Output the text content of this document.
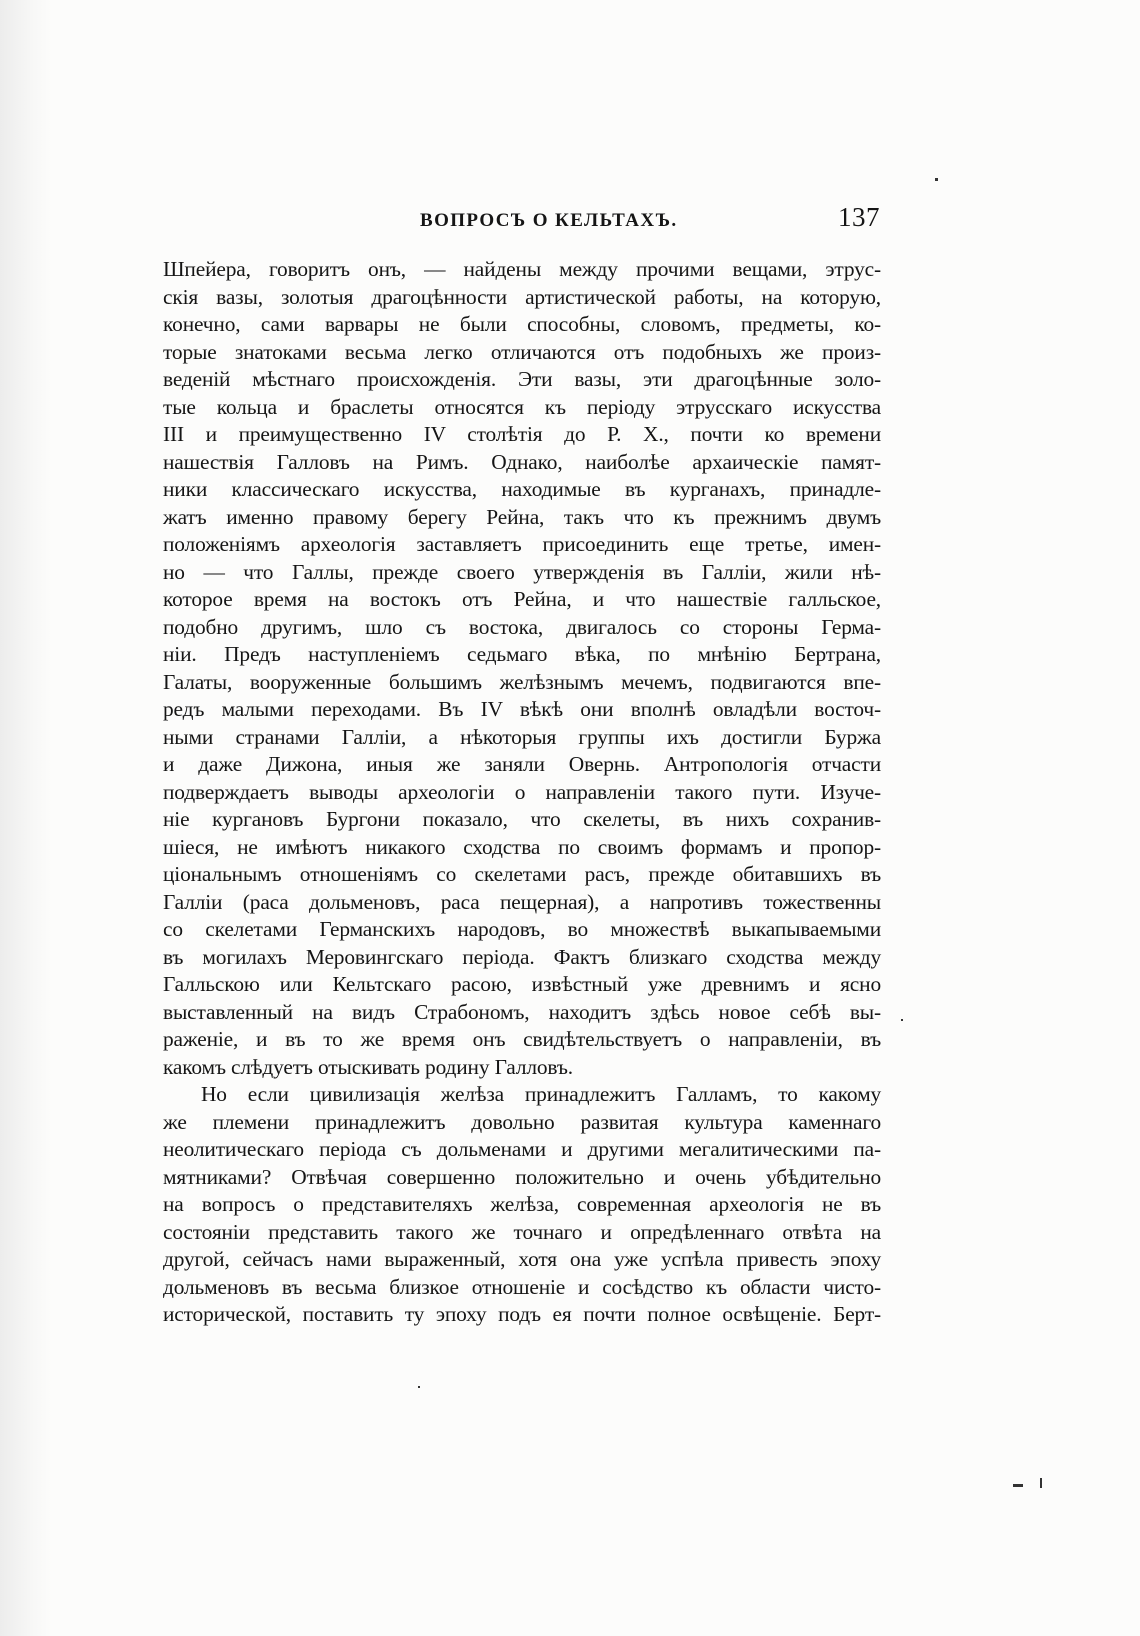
ВОПРОСЪ О КЕЛЬТАХЪ.	137
Шпейера, говоритъ онъ, — найдены между прочими вещами, этрус-
скія вазы, золотыя драгоцѣнности артистической работы, на которую,
конечно, сами варвары не были способны, словомъ, предметы, ко-
торые знатоками весьма легко отличаются отъ подобныхъ же произ-
веденій мѣстнаго происхожденія. Эти вазы, эти драгоцѣнные золо-
тые кольца и браслеты относятся къ періоду этрусскаго искусства
III и преимущественно IV столѣтія до Р. Х., почти ко времени
нашествія Галловъ на Римъ. Однако, наиболѣе архаическіе памят-
ники классическаго искусства, находимые въ курганахъ, принадле-
жатъ именно правому берегу Рейна, такъ что къ прежнимъ двумъ
положеніямъ археологія заставляетъ присоединить еще третье, имен-
но — что Галлы, прежде своего утвержденія въ Галліи, жили нѣ-
которое время на востокъ отъ Рейна, и что нашествіе галльское,
подобно другимъ, шло съ востока, двигалось со стороны Герма-
ніи. Предъ наступленіемъ седьмаго вѣка, по мнѣнію Бертрана,
Галаты, вооруженные большимъ желѣзнымъ мечемъ, подвигаются впе-
редъ малыми переходами. Въ IV вѣкѣ они вполнѣ овладѣли восточ-
ными странами Галліи, а нѣкоторыя группы ихъ достигли Буржа
и даже Дижона, иныя же заняли Овернь. Антропологія отчасти
подверждаетъ выводы археологіи о направленіи такого пути. Изуче-
ніе кургановъ Бургони показало, что скелеты, въ нихъ сохранив-
шіеся, не имѣютъ никакого сходства по своимъ формамъ и пропор-
ціональнымъ отношеніямъ со скелетами расъ, прежде обитавшихъ въ
Галліи (раса дольменовъ, раса пещерная), а напротивъ тожественны
со скелетами Германскихъ народовъ, во множествѣ выкапываемыми
въ могилахъ Меровингскаго періода. Фактъ близкаго сходства между
Галльскою или Кельтскаго расою, извѣстный уже древнимъ и ясно
выставленный на видъ Страбономъ, находитъ здѣсь новое себѣ вы-
раженіе, и въ то же время онъ свидѣтельствуетъ о направленіи, въ
какомъ слѣдуетъ отыскивать родину Галловъ.
Но если цивилизація желѣза принадлежитъ Галламъ, то какому
же племени принадлежитъ довольно развитая культура каменнаго
неолитическаго періода съ дольменами и другими мегалитическими па-
мятниками? Отвѣчая совершенно положительно и очень убѣдительно
на вопросъ о представителяхъ желѣза, современная археологія не въ
состояніи представить такого же точнаго и опредѣленнаго отвѣта на
другой, сейчасъ нами выраженный, хотя она уже успѣла привесть эпоху
дольменовъ въ весьма близкое отношеніе и сосѣдство къ области чисто-
исторической, поставить ту эпоху подъ ея почти полное освѣщеніе. Берт-
